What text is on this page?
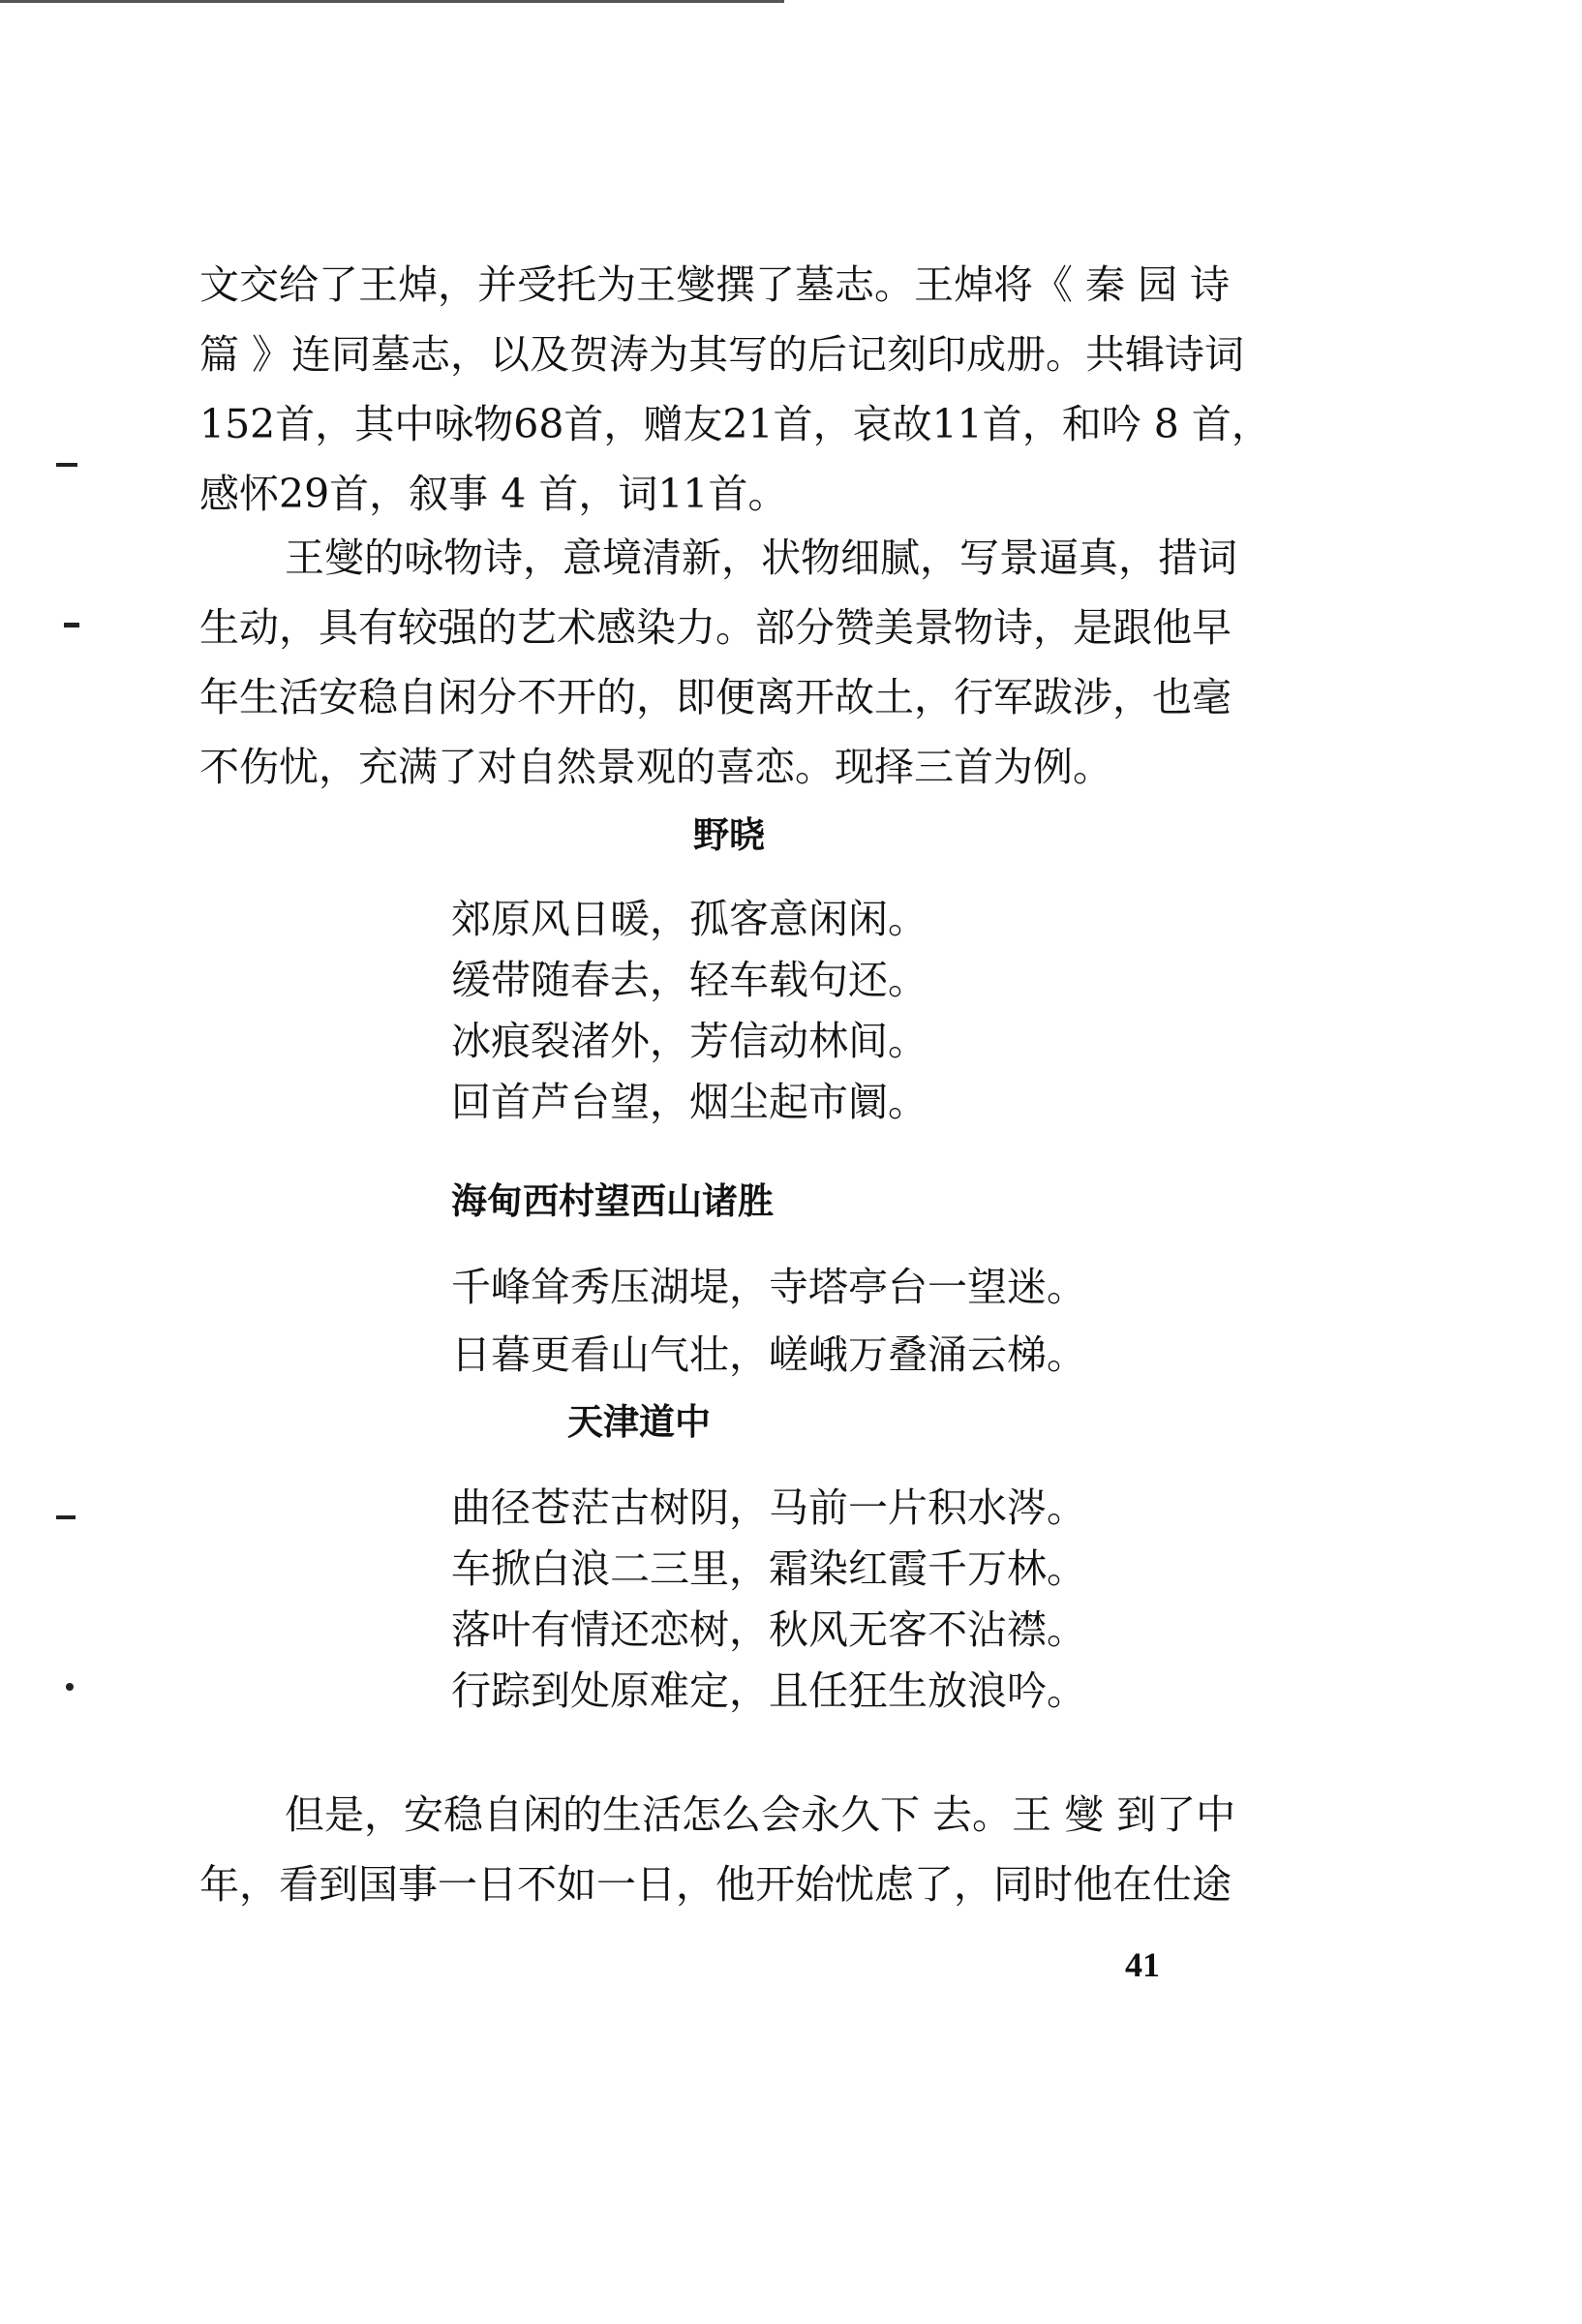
文交给了王焯，并受托为王燮撰了墓志。王焯将《 秦 园 诗
篇 》连同墓志，以及贺涛为其写的后记刻印成册。共辑诗词
152首，其中咏物68首，赠友21首，哀故11首，和吟 8 首，
感怀29首，叙事 4 首，词11首。
王燮的咏物诗，意境清新，状物细腻，写景逼真，措词
生动，具有较强的艺术感染力。部分赞美景物诗，是跟他早
年生活安稳自闲分不开的，即便离开故土，行军跋涉，也毫
不伤忧，充满了对自然景观的喜恋。现择三首为例。

野晓

郊原风日暖，孤客意闲闲。

缓带随春去，轻车载句还。

冰痕裂渚外，芳信动林间。

回首芦台望，烟尘起市阛。

海甸西村望西山诸胜

千峰耸秀压湖堤，寺塔亭台一望迷。

日暮更看山气壮，嵯峨万叠涌云梯。

天津道中

曲径苍茫古树阴，马前一片积水涔。

车掀白浪二三里，霜染红霞千万林。

落叶有情还恋树，秋风无客不沾襟。

行踪到处原难定，且任狂生放浪吟。

但是，安稳自闲的生活怎么会永久下 去。王 燮 到了中
年，看到国事一日不如一日，他开始忧虑了，同时他在仕途
41
